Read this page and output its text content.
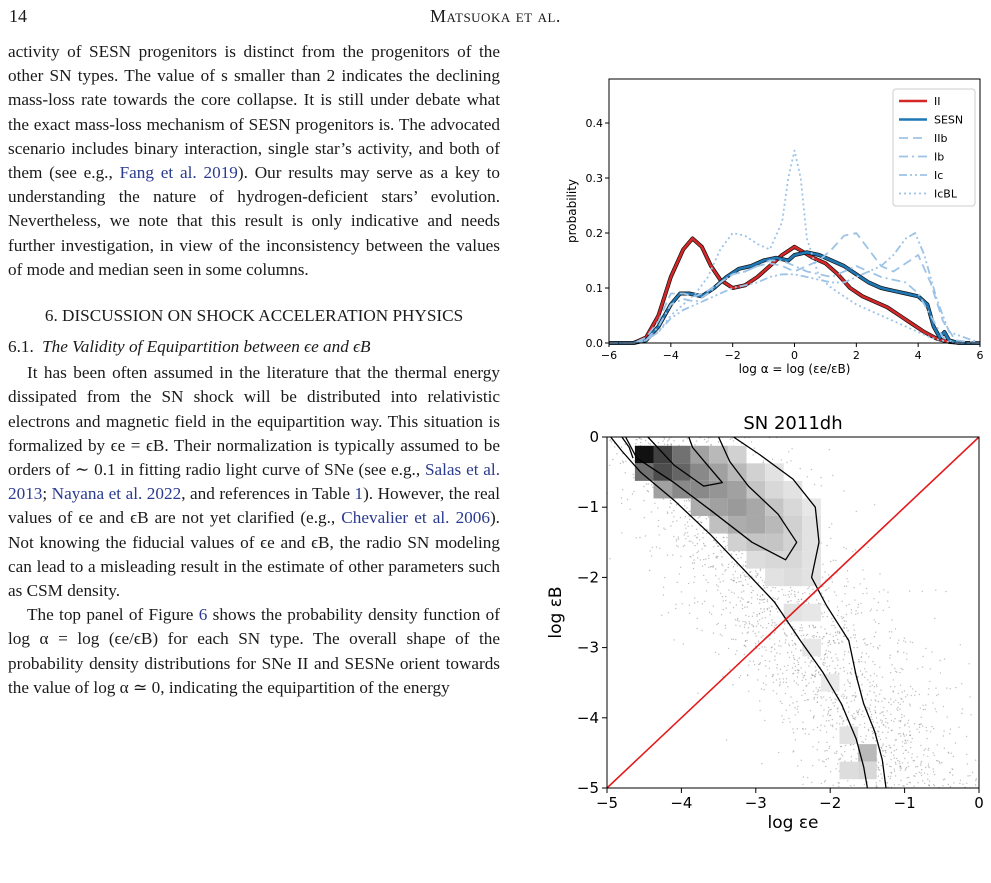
14	Matsuoka et al.

activity of SESN progenitors is distinct from the progenitors of the other SN types. The value of s smaller than 2 indicates the declining mass-loss rate towards the core collapse. It is still under debate what the exact mass-loss mechanism of SESN progenitors is. The advocated scenario includes binary interaction, single star’s activity, and both of them (see e.g., Fang et al. 2019). Our results may serve as a key to understanding the nature of hydrogen-deficient stars’ evolution. Nevertheless, we note that this result is only indicative and needs further investigation, in view of the inconsistency between the values of mode and median seen in some columns.

6. DISCUSSION ON SHOCK ACCELERATION PHYSICS
6.1. The Validity of Equipartition between ϵe and ϵB

It has been often assumed in the literature that the thermal energy dissipated from the SN shock will be distributed into relativistic electrons and magnetic field in the equipartition way. This situation is formalized by ϵe = ϵB. Their normalization is typically assumed to be orders of ∼ 0.1 in fitting radio light curve of SNe (see e.g., Salas et al. 2013; Nayana et al. 2022, and references in Table 1). However, the real values of ϵe and ϵB are not yet clarified (e.g., Chevalier et al. 2006). Not knowing the fiducial values of ϵe and ϵB, the radio SN modeling can lead to a misleading result in the estimate of other parameters such as CSM density.

The top panel of Figure 6 shows the probability density function of log α = log (ϵe/ϵB) for each SN type. The overall shape of the probability density distributions for SNe II and SESNe orient towards the value of log α ≃ 0, indicating the equipartition of the energy

−6	−4	−2	0	2	4	6
0.0
0.1
0.2
0.3
0.4
log α = log (εe/εB)
probability
II
SESN
IIb
Ib
Ic
IcBL
SN 2011dh
−5	−4	−3	−2	−1	0
0
−1
−2
−3
−4
−5
log εe
log εB
